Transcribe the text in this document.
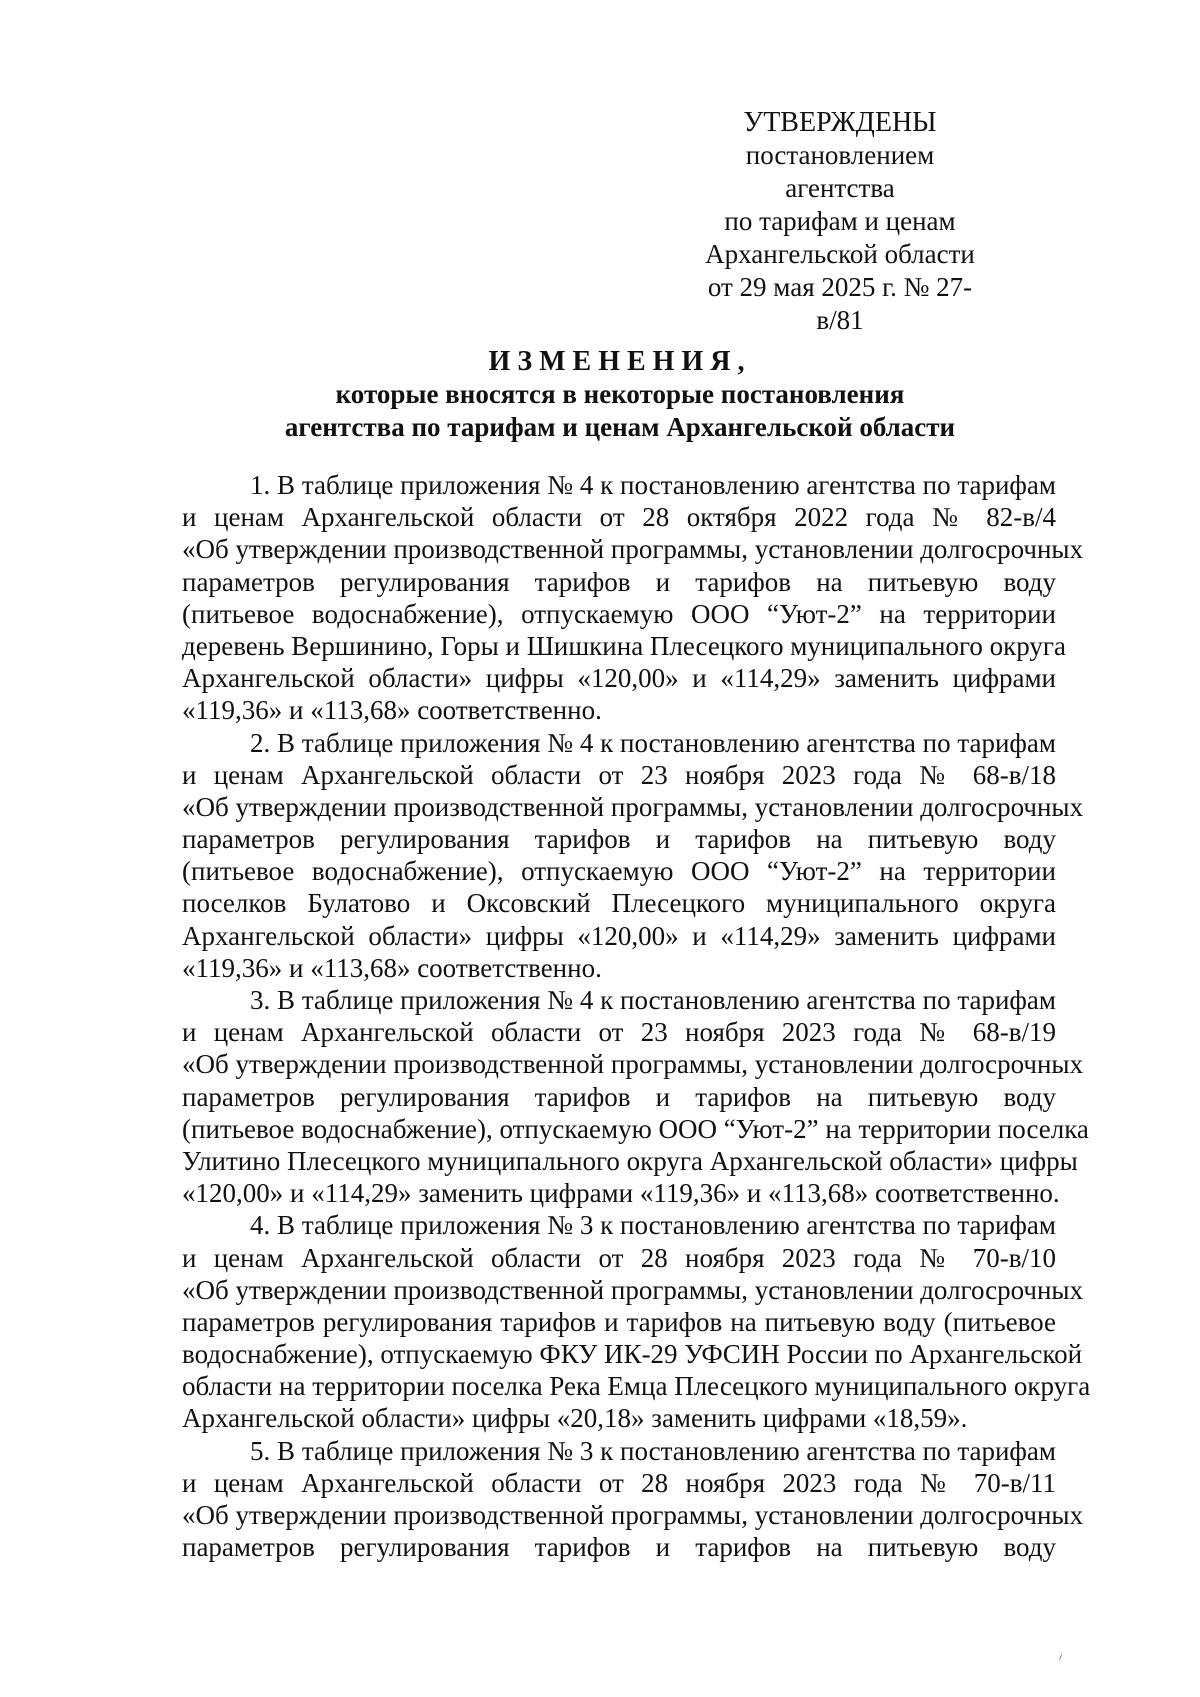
УТВЕРЖДЕНЫ
постановлением агентства
по тарифам и ценам
Архангельской области
от 29 мая 2025 г. № 27-в/81
ИЗМЕНЕНИЯ,
которые вносятся в некоторые постановления
агентства по тарифам и ценам Архангельской области
1. В таблице приложения № 4 к постановлению агентства по тарифам
и ценам Архангельской области от 28 октября 2022 года № 82-в/4
«Об утверждении производственной программы, установлении долгосрочных
параметров регулирования тарифов и тарифов на питьевую воду
(питьевое водоснабжение), отпускаемую ООО “Уют-2” на территории
деревень Вершинино, Горы и Шишкина Плесецкого муниципального округа
Архангельской области» цифры «120,00» и «114,29» заменить цифрами
«119,36» и «113,68» соответственно.
2. В таблице приложения № 4 к постановлению агентства по тарифам
и ценам Архангельской области от 23 ноября 2023 года № 68-в/18
«Об утверждении производственной программы, установлении долгосрочных
параметров регулирования тарифов и тарифов на питьевую воду
(питьевое водоснабжение), отпускаемую ООО “Уют-2” на территории
поселков Булатово и Оксовский Плесецкого муниципального округа
Архангельской области» цифры «120,00» и «114,29» заменить цифрами
«119,36» и «113,68» соответственно.
3. В таблице приложения № 4 к постановлению агентства по тарифам
и ценам Архангельской области от 23 ноября 2023 года № 68-в/19
«Об утверждении производственной программы, установлении долгосрочных
параметров регулирования тарифов и тарифов на питьевую воду
(питьевое водоснабжение), отпускаемую ООО “Уют-2” на территории поселка
Улитино Плесецкого муниципального округа Архангельской области» цифры
«120,00» и «114,29» заменить цифрами «119,36» и «113,68» соответственно.
4. В таблице приложения № 3 к постановлению агентства по тарифам
и ценам Архангельской области от 28 ноября 2023 года № 70-в/10
«Об утверждении производственной программы, установлении долгосрочных
параметров регулирования тарифов и тарифов на питьевую воду (питьевое
водоснабжение), отпускаемую ФКУ ИК-29 УФСИН России по Архангельской
области на территории поселка Река Емца Плесецкого муниципального округа
Архангельской области» цифры «20,18» заменить цифрами «18,59».
5. В таблице приложения № 3 к постановлению агентства по тарифам
и ценам Архангельской области от 28 ноября 2023 года № 70-в/11
«Об утверждении производственной программы, установлении долгосрочных
параметров регулирования тарифов и тарифов на питьевую воду
